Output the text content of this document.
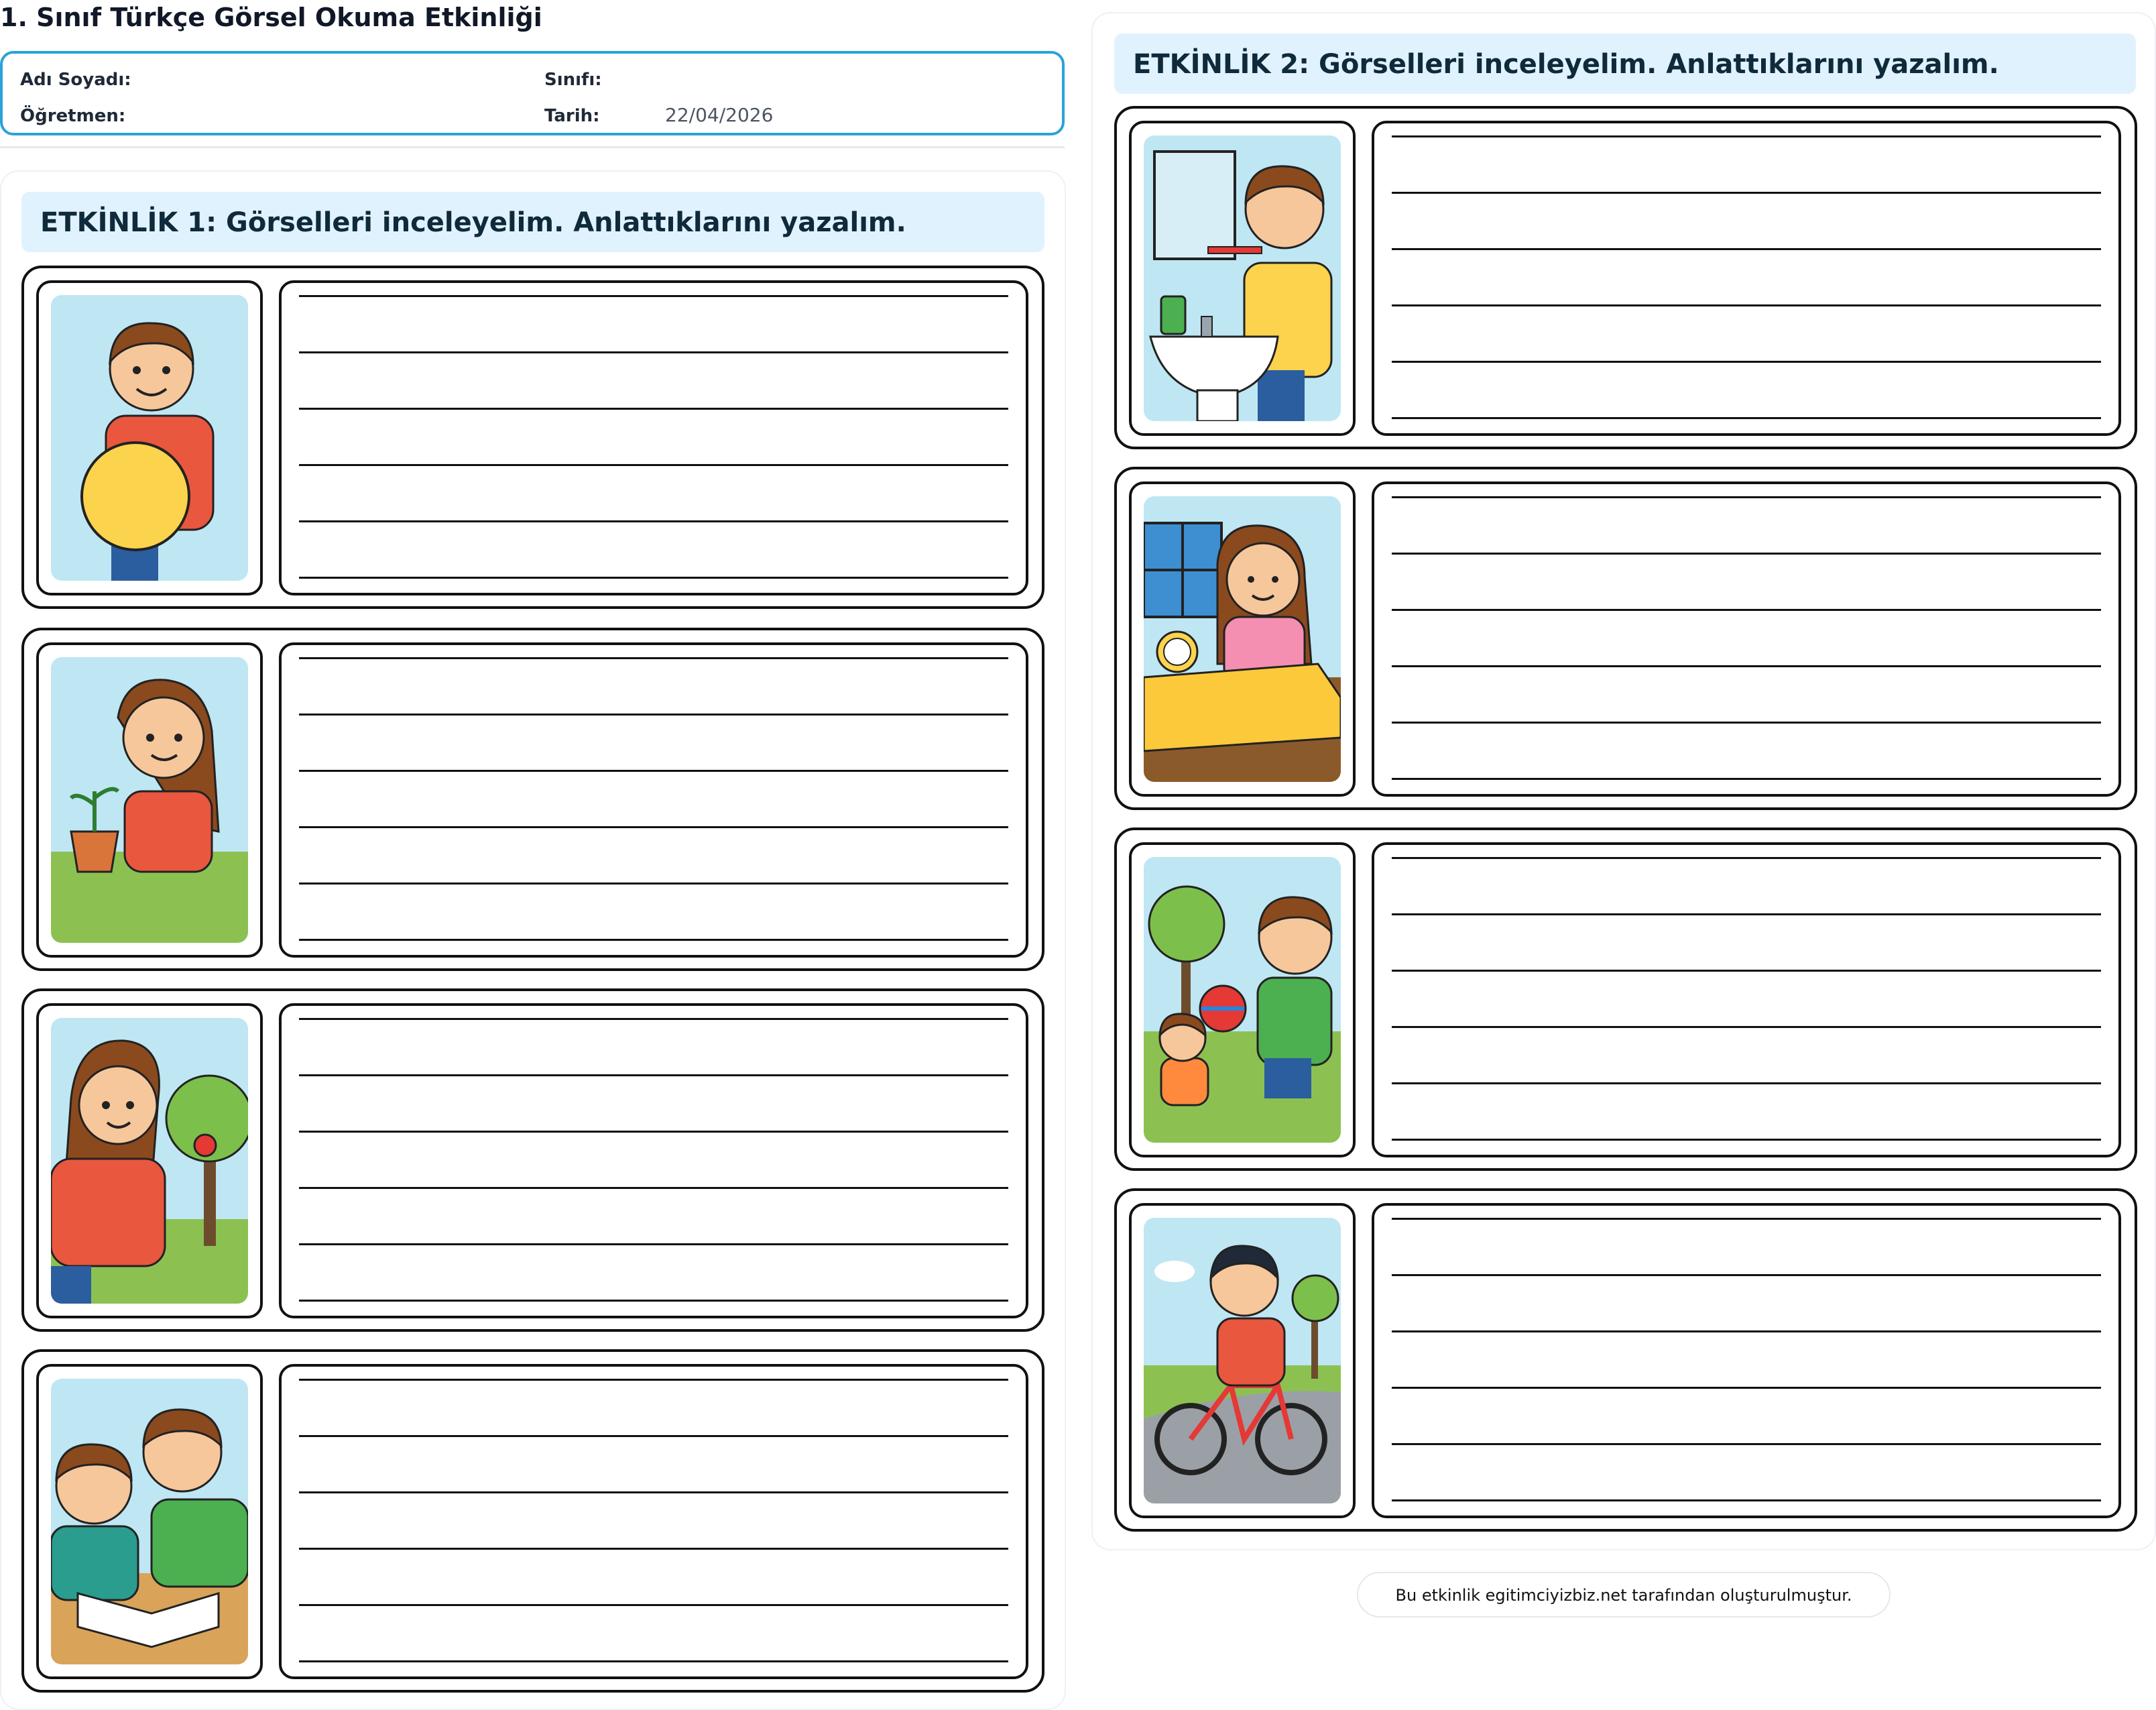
1. Sınıf Türkçe Görsel Okuma Etkinliği
Adı Soyadı:	Sınıfı:
Öğretmen:	Tarih:	22/04/2026
ETKİNLİK 1: Görselleri inceleyelim. Anlattıklarını yazalım.
ETKİNLİK 2: Görselleri inceleyelim. Anlattıklarını yazalım.
Bu etkinlik egitimciyizbiz.net tarafından oluşturulmuştur.
